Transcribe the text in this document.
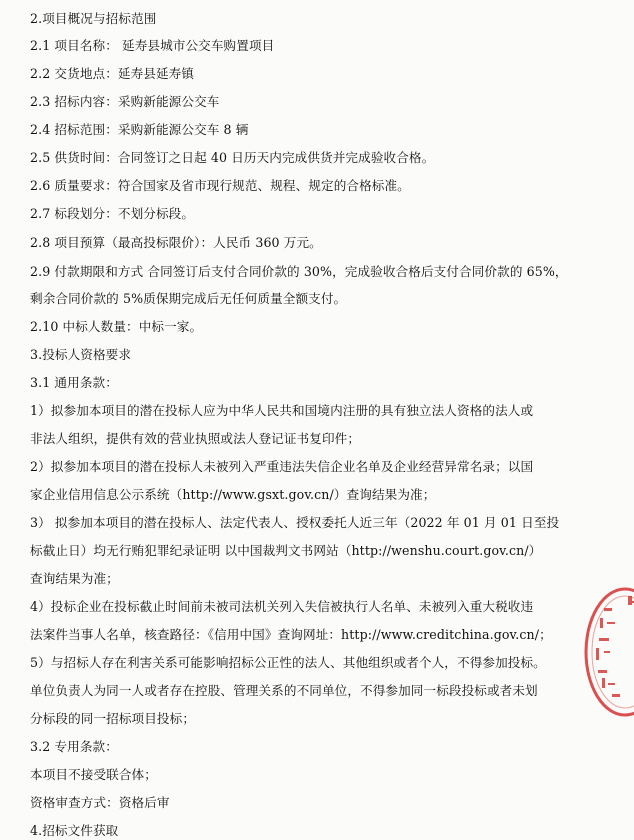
2.项目概况与招标范围
2.1 项目名称： 延寿县城市公交车购置项目
2.2 交货地点：延寿县延寿镇
2.3 招标内容：采购新能源公交车
2.4 招标范围：采购新能源公交车 8 辆
2.5 供货时间：合同签订之日起 40 日历天内完成供货并完成验收合格。
2.6 质量要求：符合国家及省市现行规范、规程、规定的合格标准。
2.7 标段划分：不划分标段。
2.8 项目预算（最高投标限价）：人民币 360 万元。
2.9 付款期限和方式 合同签订后支付合同价款的 30%，完成验收合格后支付合同价款的 65%，
剩余合同价款的 5%质保期完成后无任何质量全额支付。
2.10 中标人数量：中标一家。
3.投标人资格要求
3.1 通用条款：
1）拟参加本项目的潜在投标人应为中华人民共和国境内注册的具有独立法人资格的法人或
非法人组织，提供有效的营业执照或法人登记证书复印件；
2）拟参加本项目的潜在投标人未被列入严重违法失信企业名单及企业经营异常名录；以国
家企业信用信息公示系统（http://www.gsxt.gov.cn/）查询结果为准；
3） 拟参加本项目的潜在投标人、法定代表人、授权委托人近三年（2022 年 01 月 01 日至投
标截止日）均无行贿犯罪纪录证明 以中国裁判文书网站（http://wenshu.court.gov.cn/）
查询结果为准；
4）投标企业在投标截止时间前未被司法机关列入失信被执行人名单、未被列入重大税收违
法案件当事人名单，核查路径：《信用中国》查询网址：http://www.creditchina.gov.cn/；
5）与招标人存在利害关系可能影响招标公正性的法人、其他组织或者个人，不得参加投标。
单位负责人为同一人或者存在控股、管理关系的不同单位，不得参加同一标段投标或者未划
分标段的同一招标项目投标；
3.2 专用条款：
本项目不接受联合体；
资格审查方式：资格后审
4.招标文件获取
